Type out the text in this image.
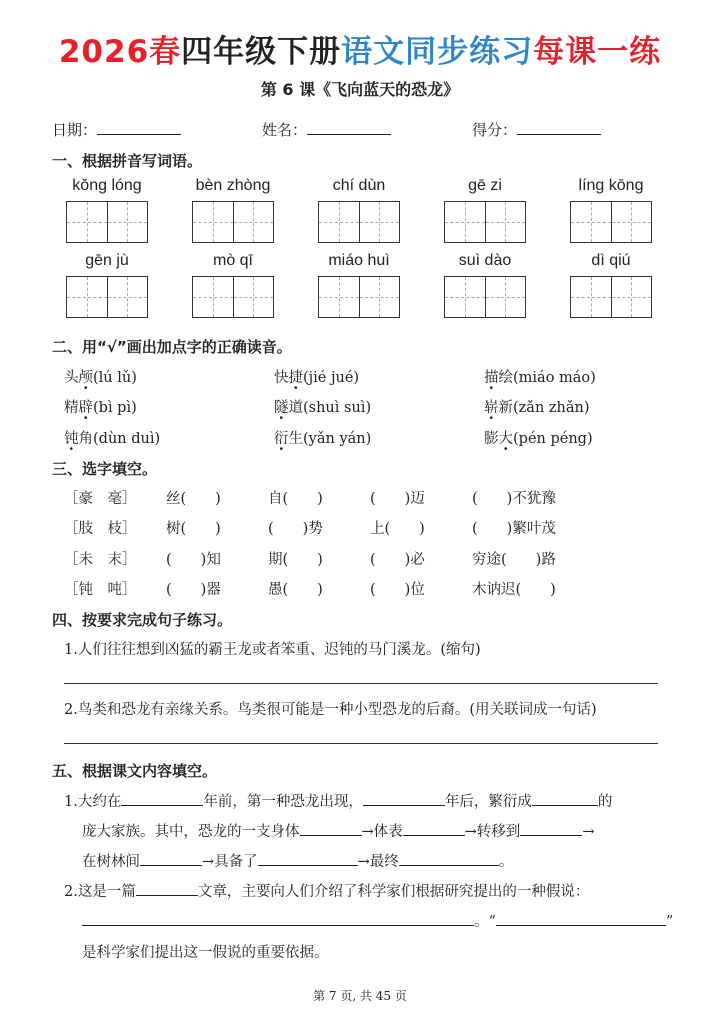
2026春四年级下册语文同步练习每课一练
第 6 课《飞向蓝天的恐龙》
日期：	姓名：	得分：
一、根据拼音写词语。
kǒng lóng	bèn zhòng	chí dùn	gē zi	líng kōng
gēn jù	mò qī	miáo huì	suì dào	dì qiú
二、用“√”画出加点字的正确读音。
头颅(lú lǔ)	快捷(jié jué)	描绘(miáo máo)
精辟(bì pì)	隧道(shuì suì)	崭新(zǎn zhǎn)
钝角(dùn duì)	衍生(yǎn yán)	膨大(pén péng)
三、选字填空。
［豪　毫］ 丝(　　)	自(　　)	(　　)迈	(　　)不犹豫
［肢　枝］ 树(　　)	(　　)势	上(　　)	(　　)繁叶茂
［未　末］ (　　)知	期(　　)	(　　)必	穷途(　　)路
［钝　吨］ (　　)器	愚(　　)	(　　)位	木讷迟(　　)
四、按要求完成句子练习。
1.人们往往想到凶猛的霸王龙或者笨重、迟钝的马门溪龙。(缩句)
2.鸟类和恐龙有亲缘关系。鸟类很可能是一种小型恐龙的后裔。(用关联词成一句话)
五、根据课文内容填空。
1.大约在	年前，第一种恐龙出现，	年后，繁衍成	的
庞大家族。其中，恐龙的一支身体	→体表	→转移到	→
在树林间	→具备了	→最终	。
2.这是一篇	文章，主要向人们介绍了科学家们根据研究提出的一种假说：
。“	”
是科学家们提出这一假说的重要依据。
第 7 页, 共 45 页
